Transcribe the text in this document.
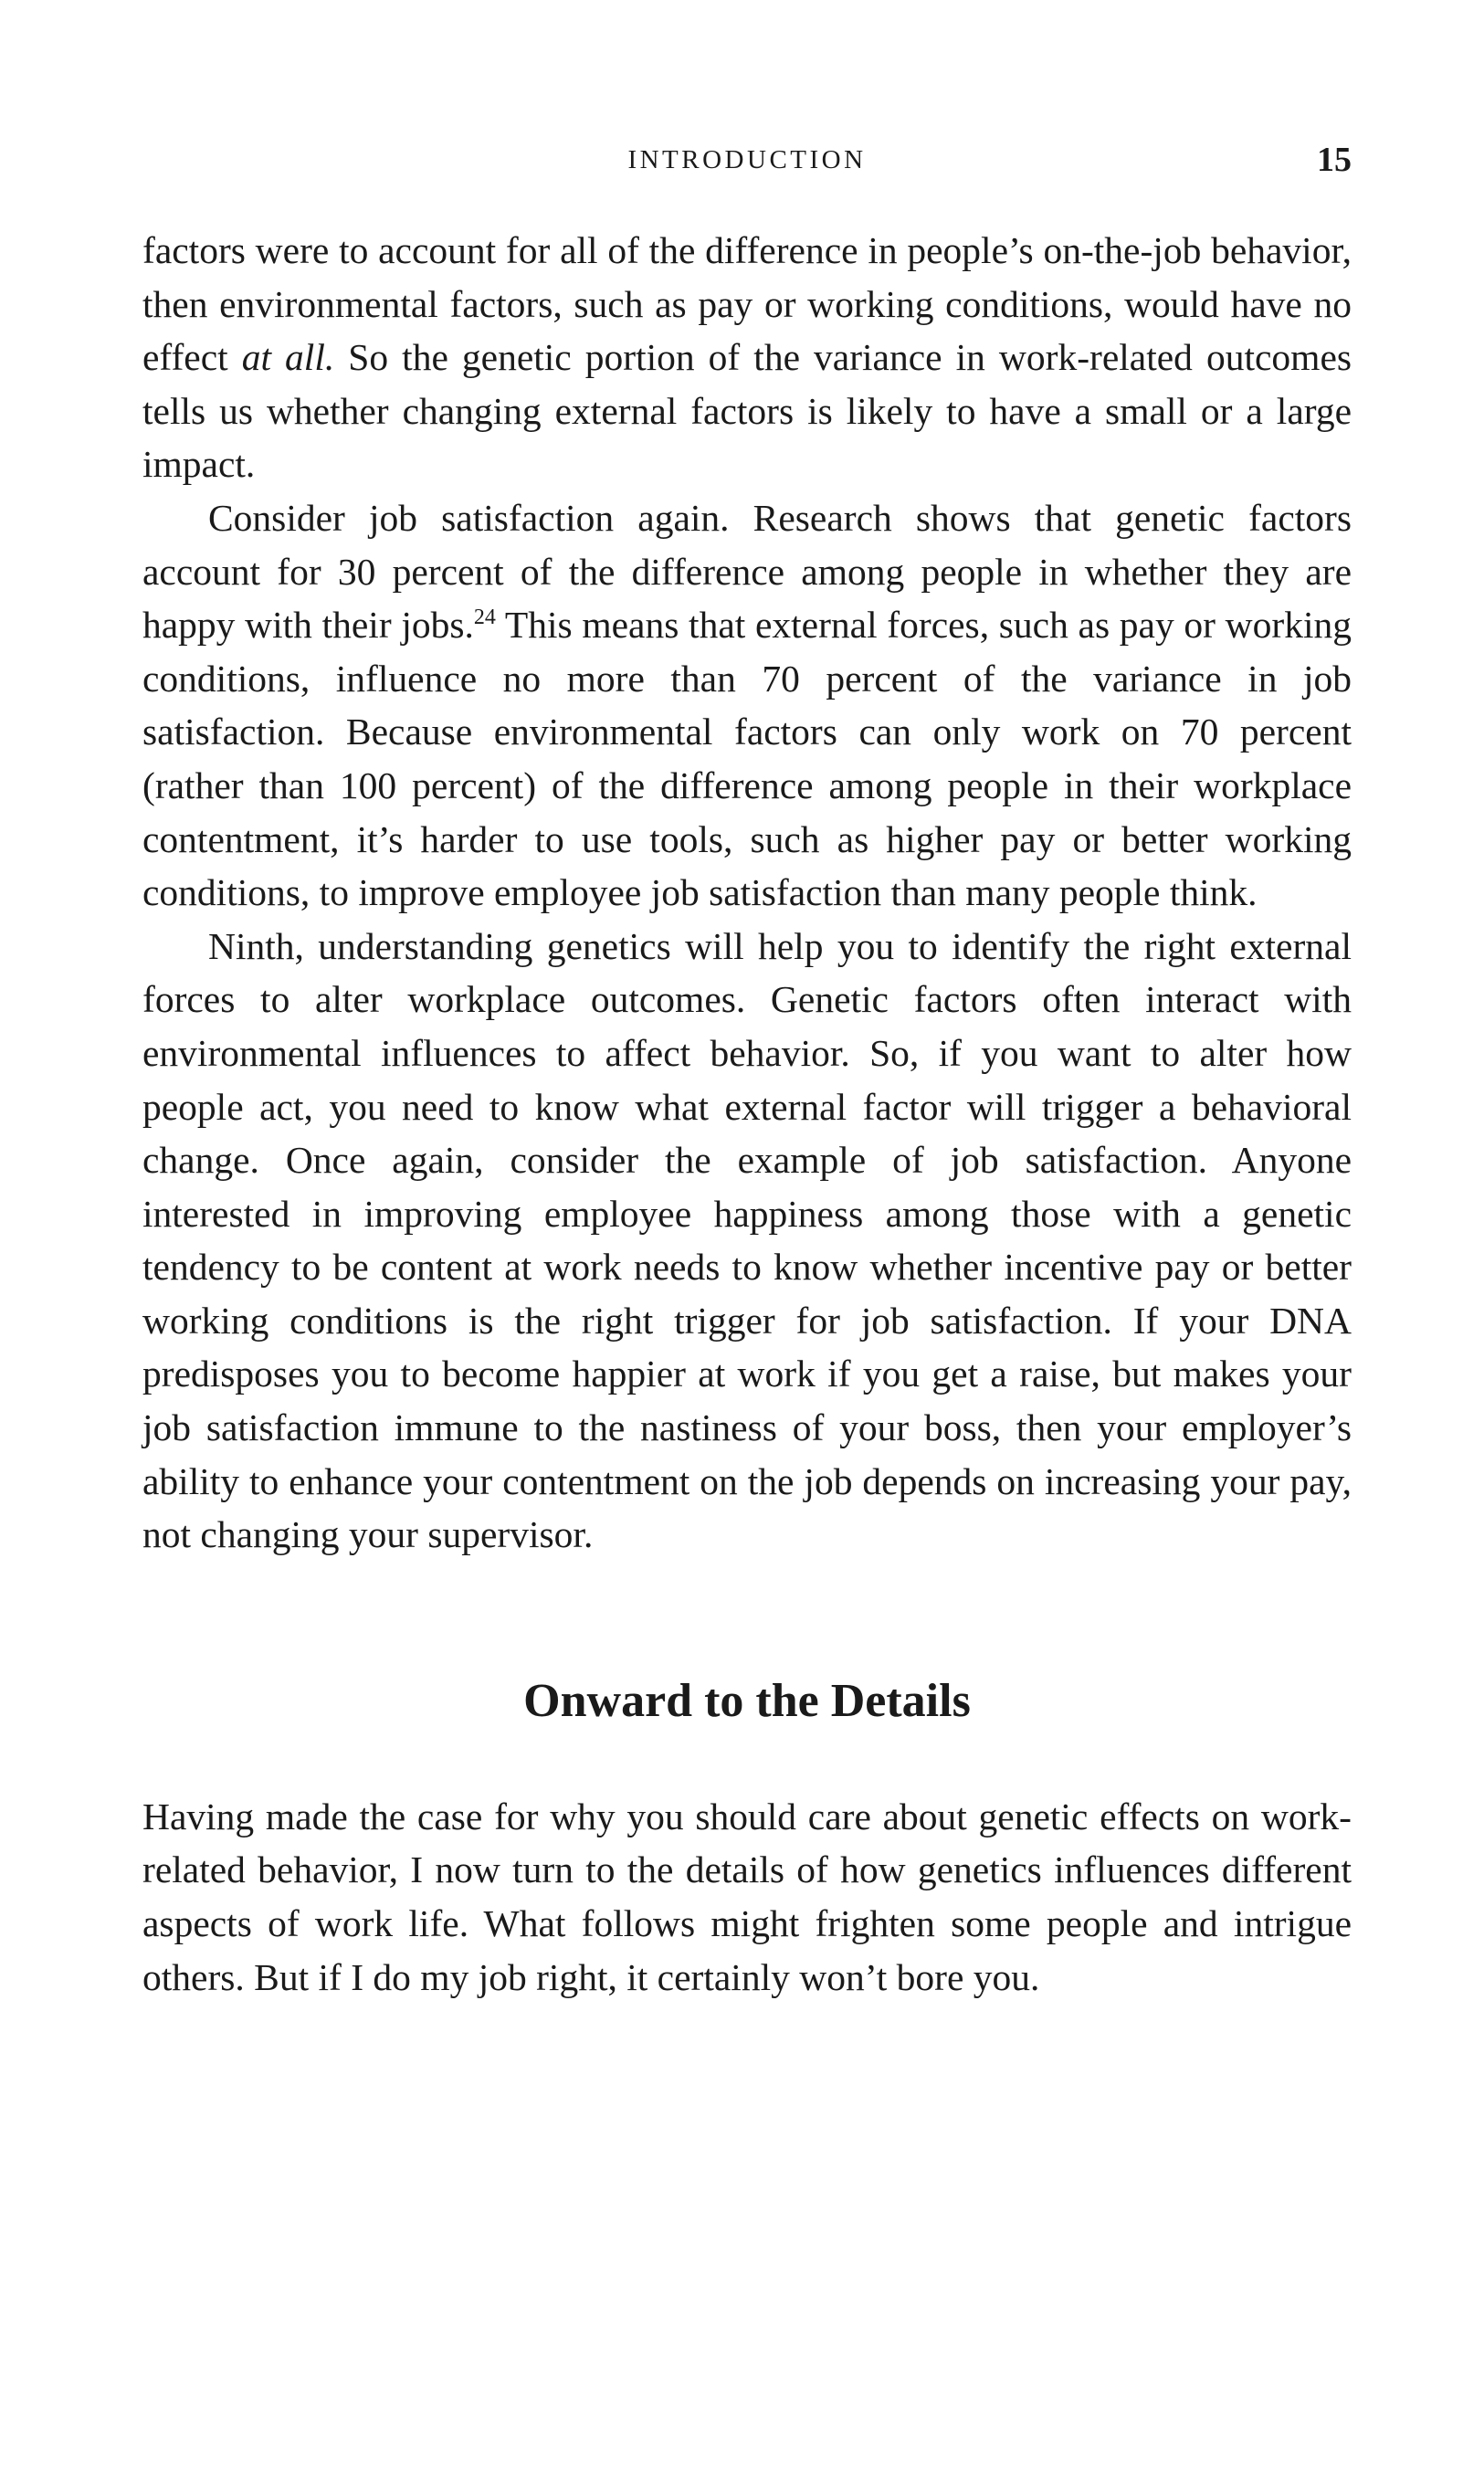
INTRODUCTION	15

factors were to account for all of the difference in people’s on-the-job behavior, then environmental factors, such as pay or working conditions, would have no effect at all. So the genetic portion of the variance in work-related outcomes tells us whether changing external factors is likely to have a small or a large impact.

Consider job satisfaction again. Research shows that genetic factors account for 30 percent of the difference among people in whether they are happy with their jobs.$^{24}$ This means that external forces, such as pay or working conditions, influence no more than 70 percent of the variance in job satisfaction. Because environmental factors can only work on 70 percent (rather than 100 percent) of the difference among people in their workplace contentment, it’s harder to use tools, such as higher pay or better working conditions, to improve employee job satisfaction than many people think.

Ninth, understanding genetics will help you to identify the right external forces to alter workplace outcomes. Genetic factors often interact with environmental influences to affect behavior. So, if you want to alter how people act, you need to know what external factor will trigger a behavioral change. Once again, consider the example of job satisfaction. Anyone interested in improving employee happiness among those with a genetic tendency to be content at work needs to know whether incentive pay or better working conditions is the right trigger for job satisfaction. If your DNA predisposes you to become happier at work if you get a raise, but makes your job satisfaction immune to the nastiness of your boss, then your employer’s ability to enhance your contentment on the job depends on increasing your pay, not changing your supervisor.

Onward to the Details

Having made the case for why you should care about genetic effects on work-related behavior, I now turn to the details of how genetics influences different aspects of work life. What follows might frighten some people and intrigue others. But if I do my job right, it certainly won’t bore you.
